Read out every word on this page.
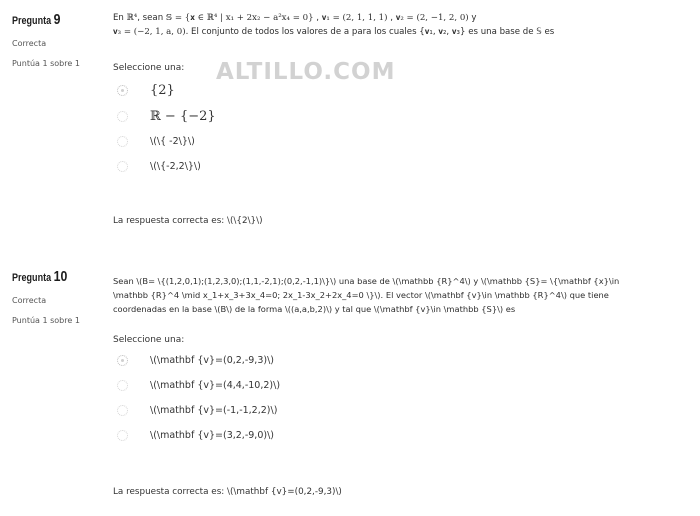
Pregunta 9
Correcta
Puntúa 1 sobre 1
En ℝ⁴, sean 𝕊 = {𝐱 ∈ ℝ⁴ | x₁ + 2x₂ − a²x₄ = 0} , 𝐯₁ = (2, 1, 1, 1) , 𝐯₂ = (2, −1, 2, 0) y
𝐯₃ = (−2, 1, a, 0). El conjunto de todos los valores de a para los cuales {𝐯₁, 𝐯₂, 𝐯₃} es una base de 𝕊 es
Seleccione una:
{2}
ℝ − {−2}
\(\{ -2\}\)
\(\{-2,2\}\)
La respuesta correcta es: \(\{2\}\)
ALTILLO.COM
Pregunta 10
Correcta
Puntúa 1 sobre 1
Sean \(B= \{(1,2,0,1);(1,2,3,0);(1,1,-2,1);(0,2,-1,1)\}\) una base de \(\mathbb {R}^4\) y \(\mathbb {S}= \{\mathbf {x}\in
\mathbb {R}^4 \mid x_1+x_3+3x_4=0; 2x_1-3x_2+2x_4=0 \}\). El vector \(\mathbf {v}\in \mathbb {R}^4\) que tiene
coordenadas en la base \(B\) de la forma \((a,a,b,2)\) y tal que \(\mathbf {v}\in \mathbb {S}\) es
Seleccione una:
\(\mathbf {v}=(0,2,-9,3)\)
\(\mathbf {v}=(4,4,-10,2)\)
\(\mathbf {v}=(-1,-1,2,2)\)
\(\mathbf {v}=(3,2,-9,0)\)
La respuesta correcta es: \(\mathbf {v}=(0,2,-9,3)\)
